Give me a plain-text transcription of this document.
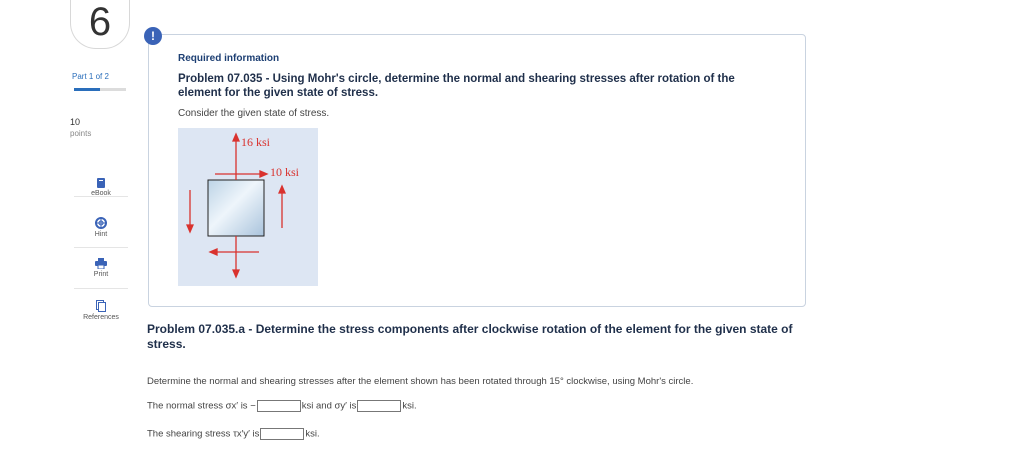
6
Part 1 of 2
10
points
eBook
Hint
Print
References
!
Required information
Problem 07.035 - Using Mohr's circle, determine the normal and shearing stresses after rotation of the element for the given state of stress.
Consider the given state of stress.
16 ksi
10 ksi
Problem 07.035.a - Determine the stress components after clockwise rotation of the element for the given state of stress.
Determine the normal and shearing stresses after the element shown has been rotated through 15° clockwise, using Mohr's circle.
The normal stress σx′ is −	ksi and σy′ is	ksi.
The shearing stress τx′y′ is	ksi.
